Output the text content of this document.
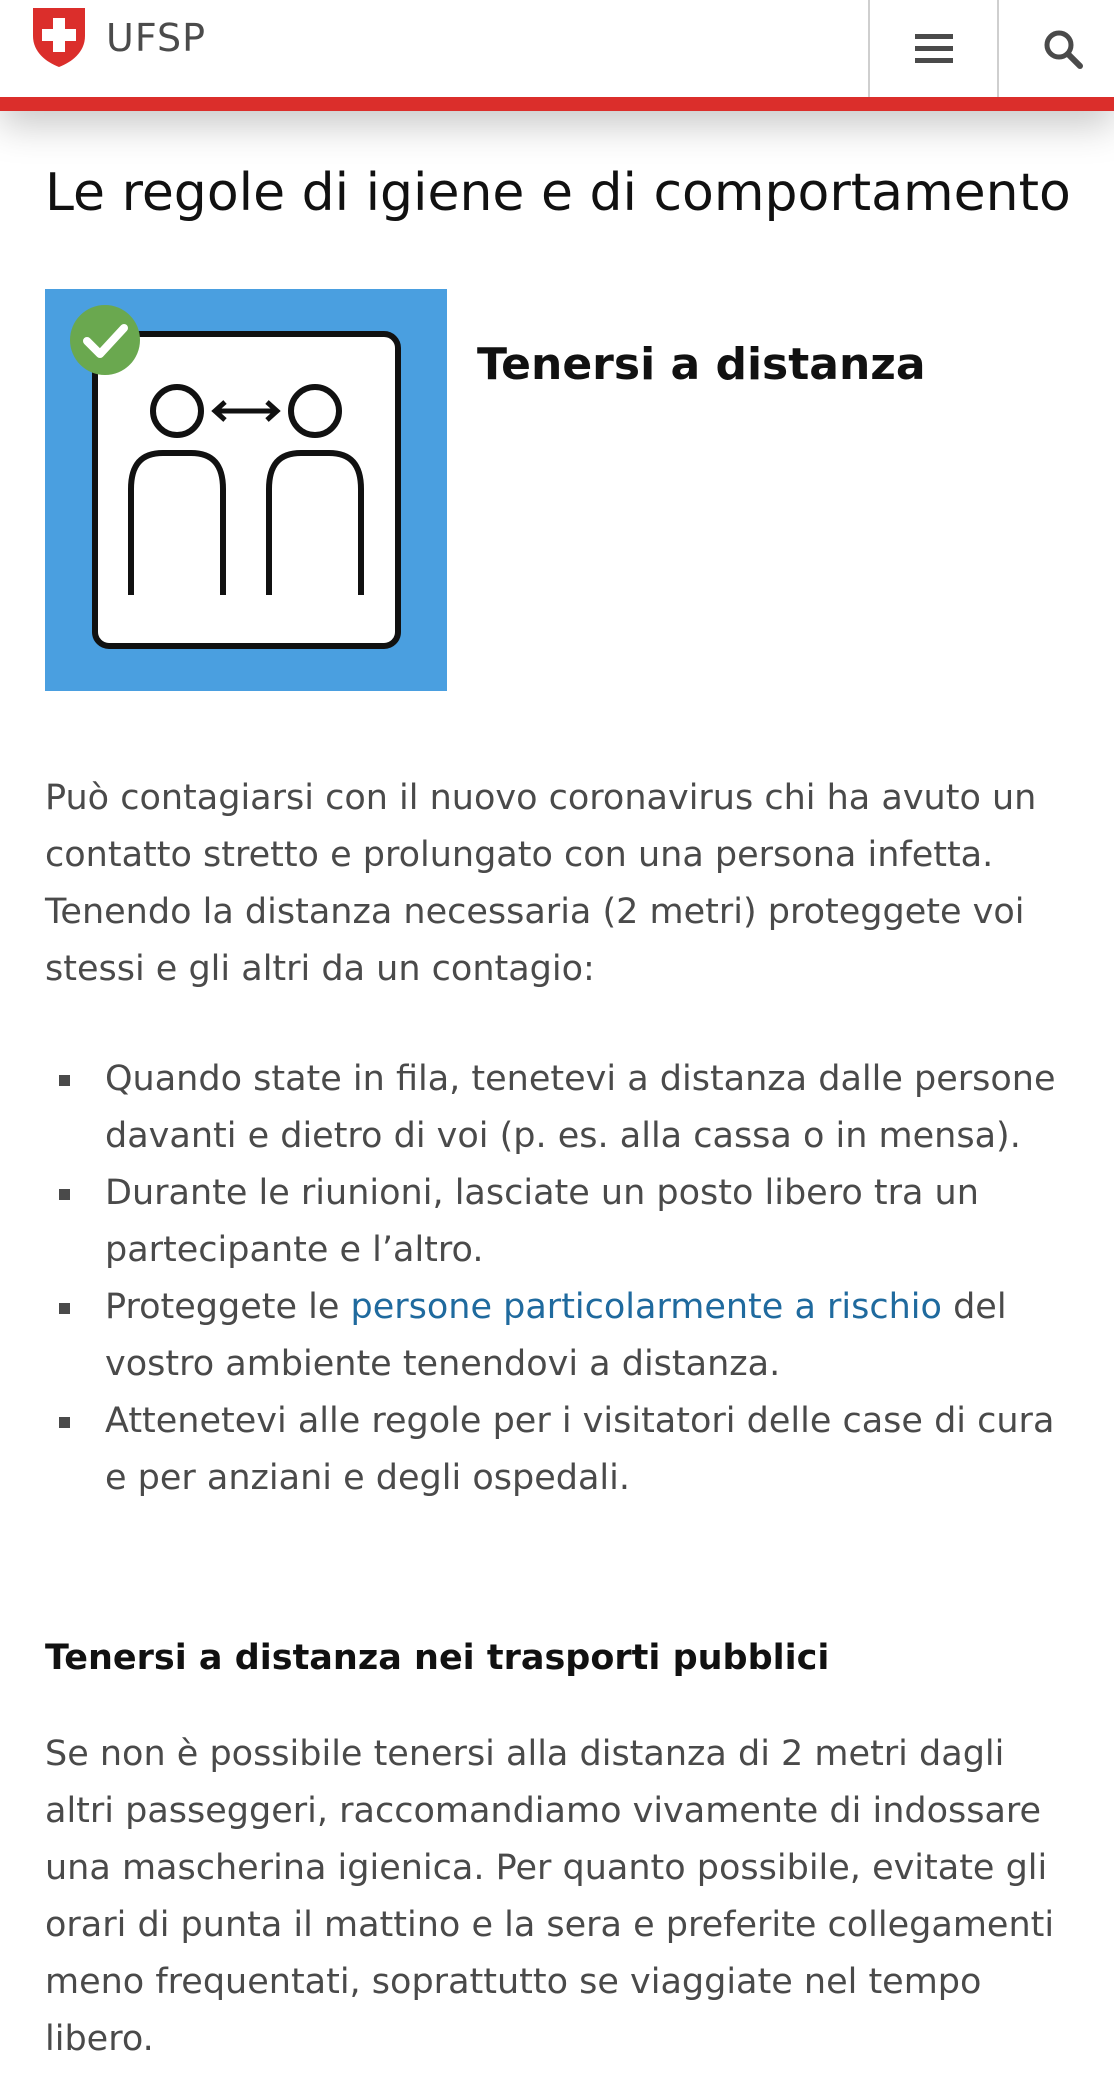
UFSP
Le regole di igiene e di comportamento
Tenersi a distanza

Può contagiarsi con il nuovo coronavirus chi ha avuto un contatto stretto e prolungato con una persona infetta. Tenendo la distanza necessaria (2 metri) proteggete voi stessi e gli altri da un contagio:

Quando state in fila, tenetevi a distanza dalle persone davanti e dietro di voi (p. es. alla cassa o in mensa).
Durante le riunioni, lasciate un posto libero tra un partecipante e l’altro.
Proteggete le persone particolarmente a rischio del vostro ambiente tenendovi a distanza.
Attenetevi alle regole per i visitatori delle case di cura e per anziani e degli ospedali.
Tenersi a distanza nei trasporti pubblici

Se non è possibile tenersi alla distanza di 2 metri dagli altri passeggeri, raccomandiamo vivamente di indossare una mascherina igienica. Per quanto possibile, evitate gli orari di punta il mattino e la sera e preferite collegamenti meno frequentati, soprattutto se viaggiate nel tempo libero.
